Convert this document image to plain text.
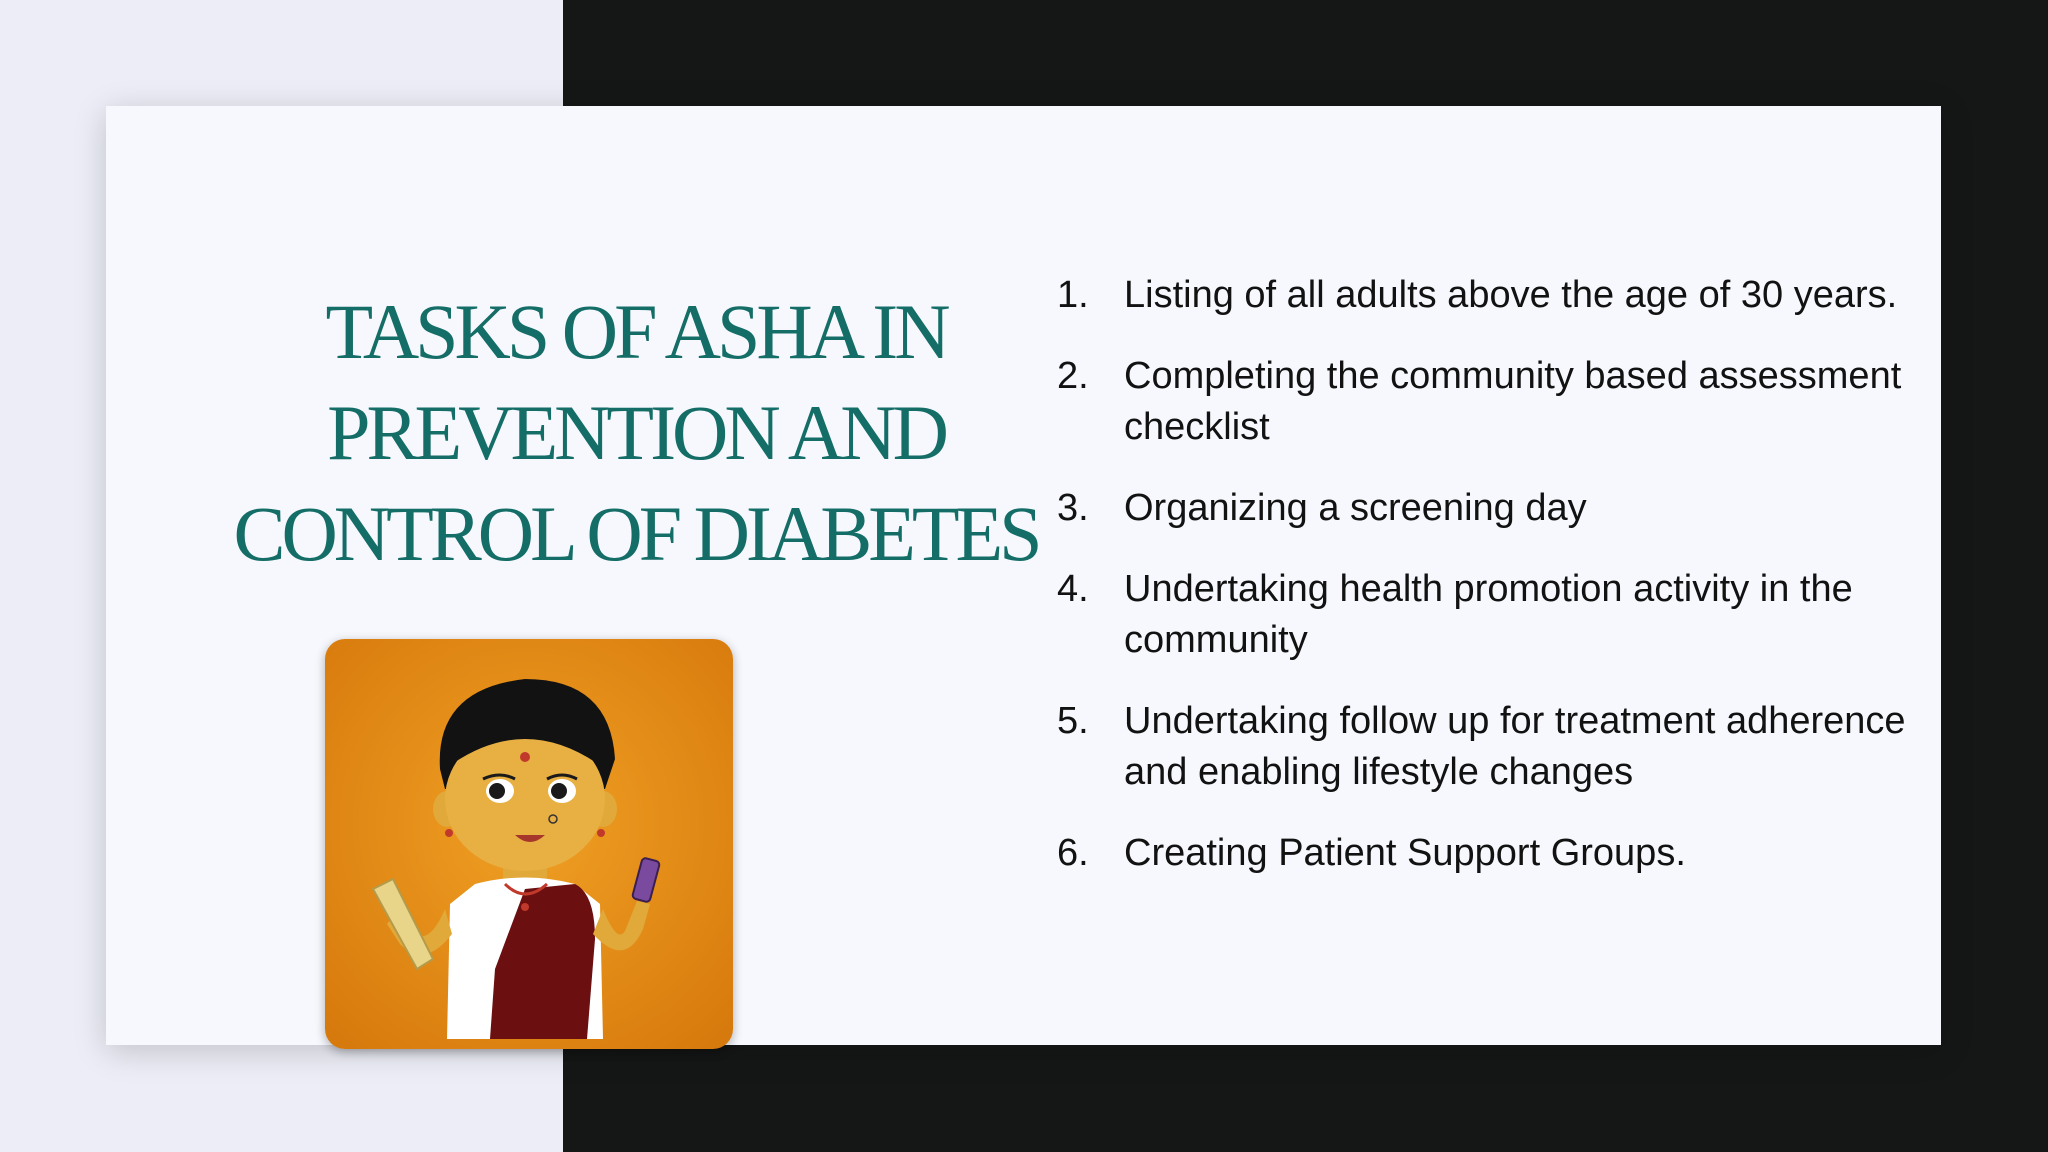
TASKS OF ASHA IN
PREVENTION AND
CONTROL OF DIABETES
1. Listing of all adults above the age of 30 years.
2. Completing the community based assessment checklist
3. Organizing a screening day
4. Undertaking health promotion activity in the community
5. Undertaking follow up for treatment adherence and enabling lifestyle changes
6. Creating Patient Support Groups.
